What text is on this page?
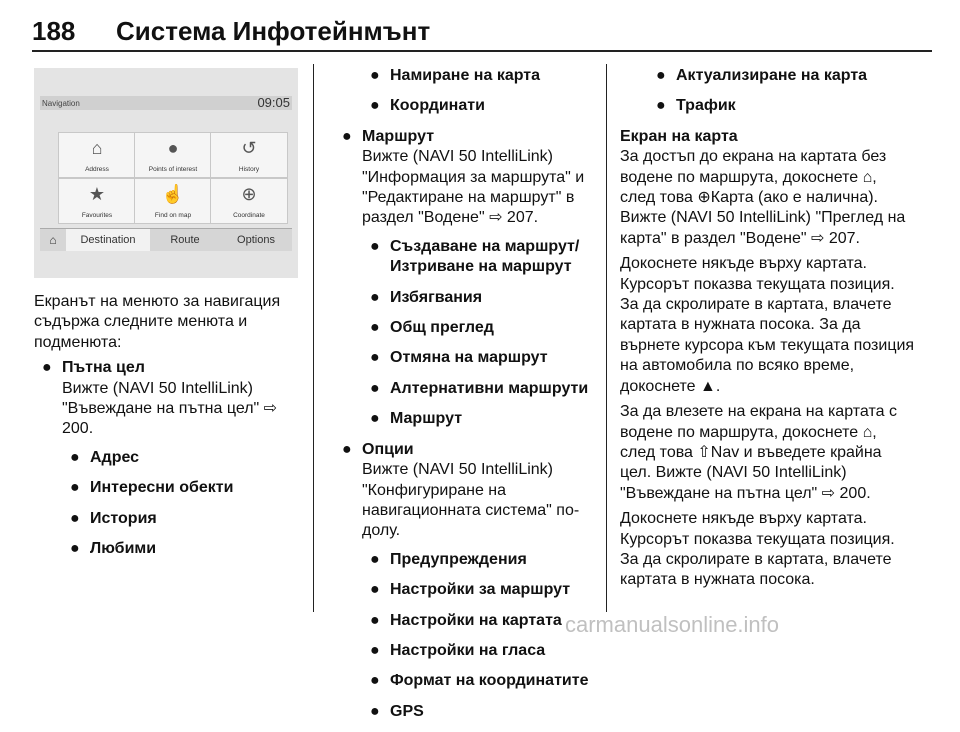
188 Система Инфотейнмънт
Navigation	09:05
⌂
Address
●
Points of interest
↺
History
★
Favourites
☝
Find on map
⊕
Coordinate
⌂	Destination	Route	Options

Екранът на менюто за навигация съдържа следните менюта и подменюта:

● Пътна цел
Вижте (NAVI 50 IntelliLink) "Въвеждане на пътна цел" ⇨ 200.
● Адрес
● Интересни обекти
● История
● Любими
● Намиране на карта
● Координати
● Маршрут
Вижте (NAVI 50 IntelliLink) "Информация за маршрута" и "Редактиране на маршрут" в раздел "Водене" ⇨ 207.
● Създаване на маршрут/ Изтриване на маршрут
● Избягвания
● Общ преглед
● Отмяна на маршрут
● Алтернативни маршрути
● Маршрут
● Опции
Вижте (NAVI 50 IntelliLink) "Конфигуриране на навигационната система" по-долу.
● Предупреждения
● Настройки за маршрут
● Настройки на картата
● Настройки на гласа
● Формат на координатите
● GPS
● Актуализиране на карта
● Трафик
Екран на карта

За достъп до екрана на картата без водене по маршрута, докоснете ⌂, след това ⊕Карта (ако е налична). Вижте (NAVI 50 IntelliLink) "Преглед на карта" в раздел "Водене" ⇨ 207.

Докоснете някъде върху картата. Курсорът показва текущата позиция. За да скролирате в картата, влачете картата в нужната посока. За да върнете курсора към текущата позиция на автомобила по всяко време, докоснете ▲.

За да влезете на екрана на картата с водене по маршрута, докоснете ⌂, след това ⇧Nav и въведете крайна цел. Вижте (NAVI 50 IntelliLink) "Въвеждане на пътна цел" ⇨ 200.

Докоснете някъде върху картата. Курсорът показва текущата позиция. За да скролирате в картата, влачете картата в нужната посока.

carmanualsonline.info
